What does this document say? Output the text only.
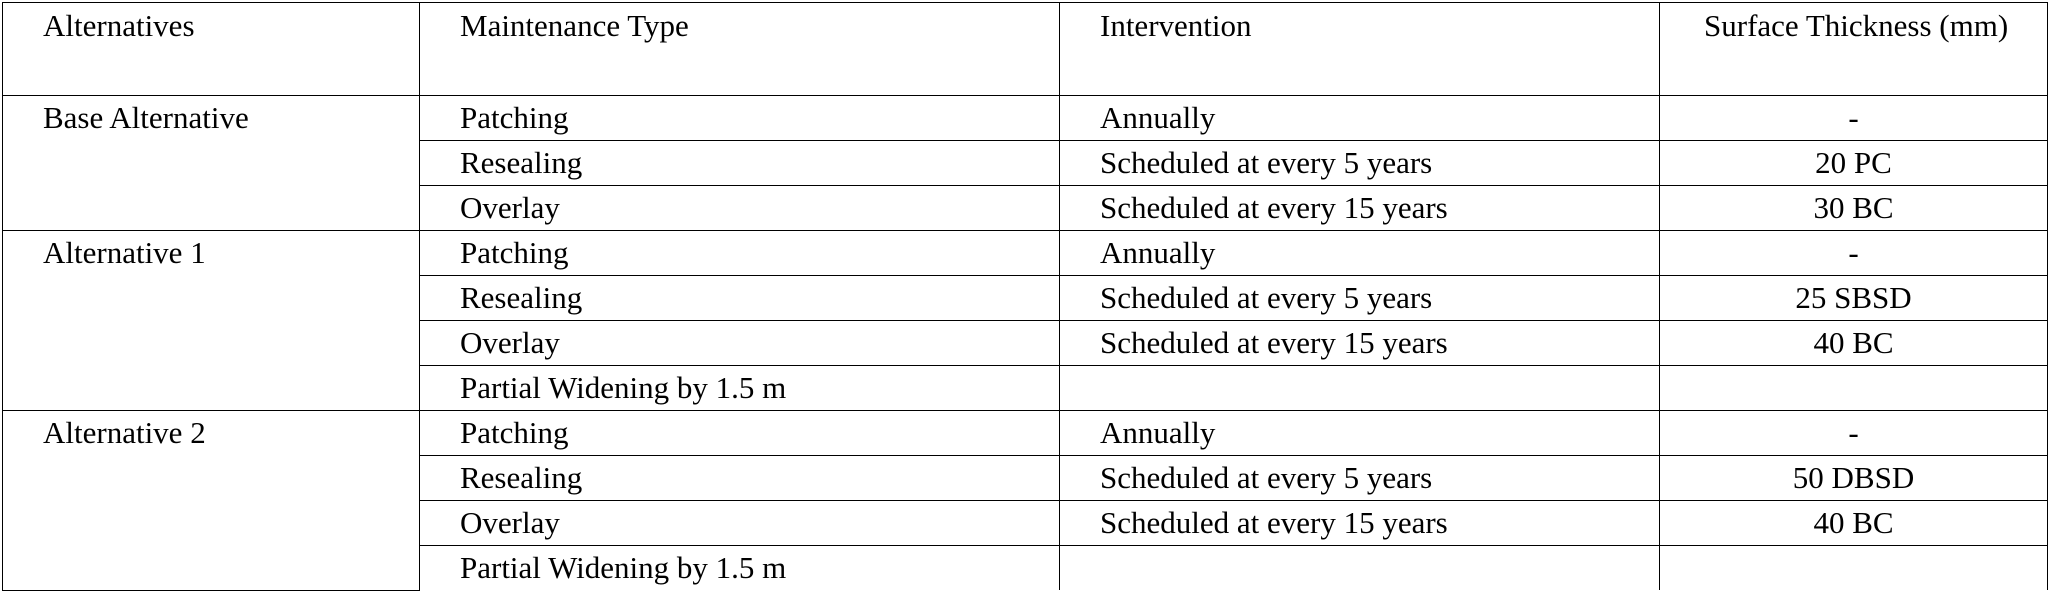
Alternatives	Maintenance Type	Intervention	Surface Thickness (mm)
Base Alternative	Patching	Annually	-
	Resealing	Scheduled at every 5 years	20 PC
	Overlay	Scheduled at every 15 years	30 BC
Alternative 1	Patching	Annually	-
	Resealing	Scheduled at every 5 years	25 SBSD
	Overlay	Scheduled at every 15 years	40 BC
	Partial Widening by 1.5 m		
Alternative 2	Patching	Annually	-
	Resealing	Scheduled at every 5 years	50 DBSD
	Overlay	Scheduled at every 15 years	40 BC
	Partial Widening by 1.5 m		
